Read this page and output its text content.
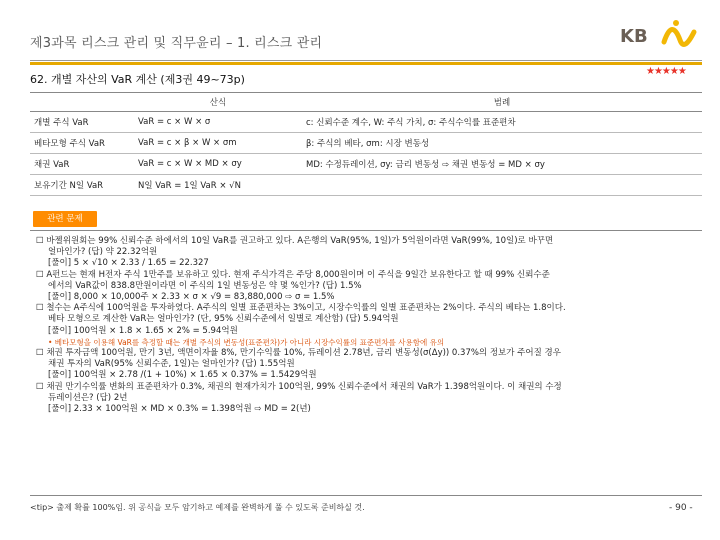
제3과목 리스크 관리 및 직무윤리 – 1. 리스크 관리	KB
62. 개별 자산의 VaR 계산 (제3권 49~73p)
★★★★★
	산식	범례
개별 주식 VaR	VaR = c × W × σ	c: 신뢰수준 계수, W: 주식 가치, σ: 주식수익률 표준편차
베타모형 주식 VaR	VaR = c × β × W × σm	β: 주식의 베타, σm: 시장 변동성
채권 VaR	VaR = c × W × MD × σy	MD: 수정듀레이션, σy: 금리 변동성 ⇨ 채권 변동성 = MD × σy
보유기간 N일 VaR	N일 VaR = 1일 VaR × √N	
관련 문제
☐ 바젤위원회는 99% 신뢰수준 하에서의 10일 VaR를 권고하고 있다. A은행의 VaR(95%, 1일)가 5억원이라면 VaR(99%, 10일)로 바꾸면
얼마인가? (답) 약 22.32억원
[풀이] 5 × √10 × 2.33 / 1.65 = 22.327
☐ A펀드는 현재 H전자 주식 1만주를 보유하고 있다. 현재 주식가격은 주당 8,000원이며 이 주식을 9일간 보유한다고 할 때 99% 신뢰수준
에서의 VaR값이 838.8만원이라면 이 주식의 1일 변동성은 약 몇 %인가? (답) 1.5%
[풀이] 8,000 × 10,000주 × 2.33 × σ × √9 = 83,880,000 ⇨ σ = 1.5%
☐ 철수는 A주식에 100억원을 투자하였다. A주식의 일별 표준편차는 3%이고, 시장수익률의 일별 표준편차는 2%이다. 주식의 베타는 1.8이다.
베타 모형으로 계산한 VaR는 얼마인가? (단, 95% 신뢰수준에서 일별로 계산함) (답) 5.94억원
[풀이] 100억원 × 1.8 × 1.65 × 2% = 5.94억원
• 베타모형을 이용해 VaR를 측정할 때는 개별 주식의 변동성(표준편차)가 아니라 시장수익률의 표준편차를 사용함에 유의
☐ 채권 투자금액 100억원, 만기 3년, 액면이자율 8%, 만기수익률 10%, 듀레이션 2.78년, 금리 변동성(σ(Δy)) 0.37%의 정보가 주어질 경우
채권 투자의 VaR(95% 신뢰수준, 1일)는 얼마인가? (답) 1.55억원
[풀이] 100억원 × 2.78 /(1 + 10%) × 1.65 × 0.37% = 1.5429억원
☐ 채권 만기수익률 변화의 표준편차가 0.3%, 채권의 현재가치가 100억원, 99% 신뢰수준에서 채권의 VaR가 1.398억원이다. 이 채권의 수정
듀레이션은? (답) 2년
[풀이] 2.33 × 100억원 × MD × 0.3% = 1.398억원 ⇨ MD = 2(년)
<tip> 출제 확률 100%임. 위 공식을 모두 암기하고 예제를 완벽하게 풀 수 있도록 준비하실 것.	- 90 -
